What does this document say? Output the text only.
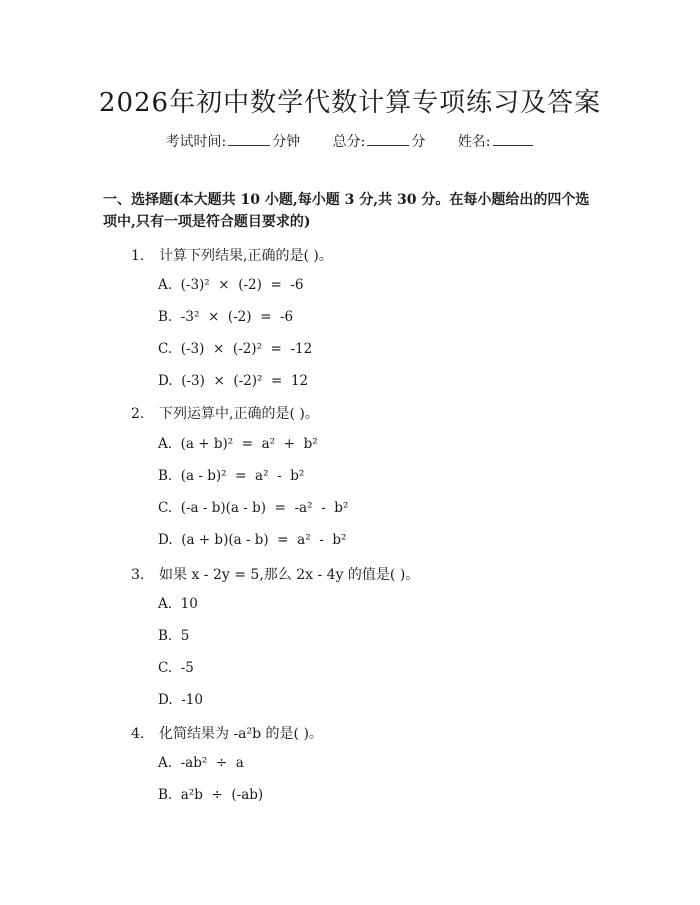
2026年初中数学代数计算专项练习及答案
考试时间:	分钟 总分:	分 姓名:
一、选择题(本大题共 10 小题,每小题 3 分,共 30 分。在每小题给出的四个选项中,只有一项是符合题目要求的)
1. 计算下列结果,正确的是( )。
A.  (-3)²  ×  (-2)  =  -6
B.  -3²  ×  (-2)  =  -6
C.  (-3)  ×  (-2)²  =  -12
D.  (-3)  ×  (-2)²  =  12
2. 下列运算中,正确的是( )。
A.  (a + b)²  =  a²  +  b²
B.  (a - b)²  =  a²  -  b²
C.  (-a - b)(a - b)  =  -a²  -  b²
D.  (a + b)(a - b)  =  a²  -  b²
3. 如果 x - 2y = 5,那么 2x - 4y 的值是( )。
A.  10
B.  5
C.  -5
D.  -10
4. 化简结果为 -a²b 的是( )。
A.  -ab²  ÷  a
B.  a²b  ÷  (-ab)
